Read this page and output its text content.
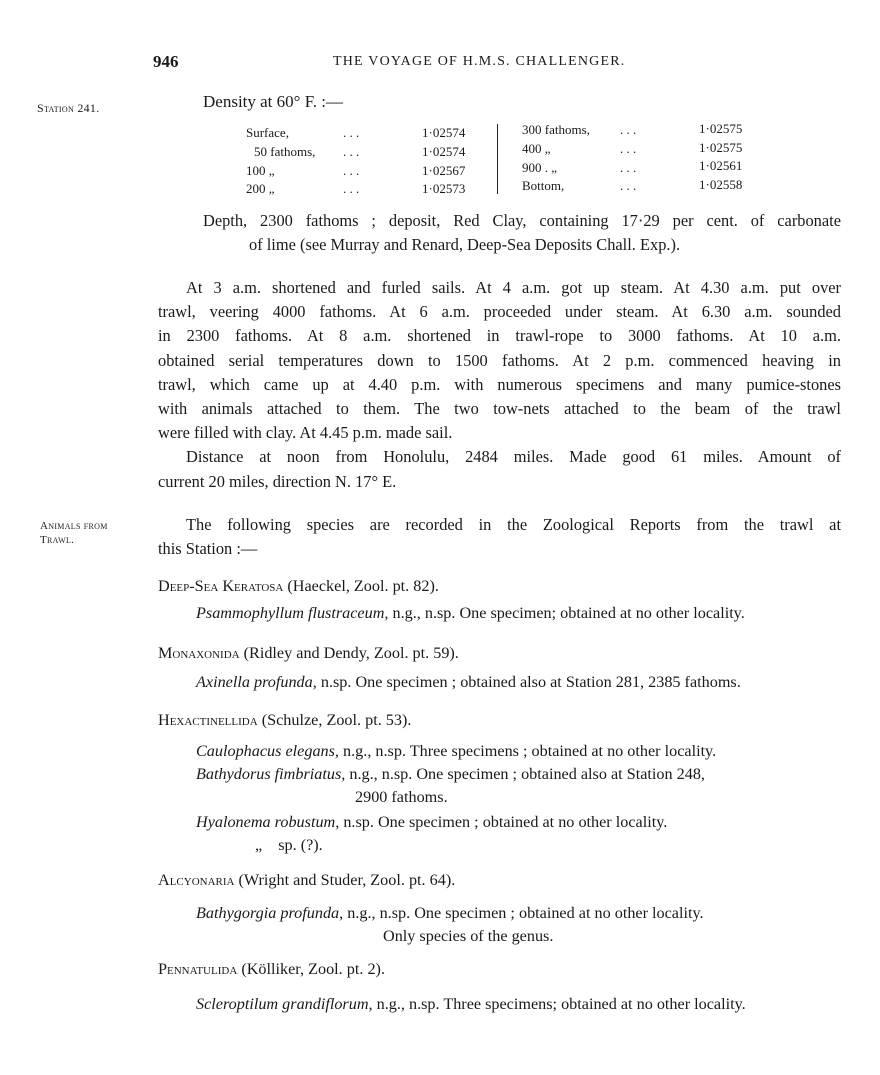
946	THE VOYAGE OF H.M.S. CHALLENGER.
Station 241.
Animals from
Trawl.
Density at 60° F. :—
Surface,	. . .	1·02574
50 fathoms, . . .	1·02574
100 „	. . .	1·02567
200 „	. . .	1·02573
300 fathoms, . . .	1·02575
400 „	. . .	1·02575
900 . „	. . .	1·02561
Bottom,	. . .	1·02558
Depth, 2300 fathoms ; deposit, Red Clay, containing 17·29 per cent. of carbonate
of lime (see Murray and Renard, Deep-Sea Deposits Chall. Exp.).
At 3 a.m. shortened and furled sails. At 4 a.m. got up steam. At 4.30 a.m. put over
trawl, veering 4000 fathoms. At 6 a.m. proceeded under steam. At 6.30 a.m. sounded
in 2300 fathoms. At 8 a.m. shortened in trawl-rope to 3000 fathoms. At 10 a.m.
obtained serial temperatures down to 1500 fathoms. At 2 p.m. commenced heaving in
trawl, which came up at 4.40 p.m. with numerous specimens and many pumice-stones
with animals attached to them. The two tow-nets attached to the beam of the trawl
were filled with clay. At 4.45 p.m. made sail.
Distance at noon from Honolulu, 2484 miles. Made good 61 miles. Amount of
current 20 miles, direction N. 17° E.
The following species are recorded in the Zoological Reports from the trawl at
this Station :—
Deep-Sea Keratosa (Haeckel, Zool. pt. 82).
Psammophyllum flustraceum, n.g., n.sp. One specimen; obtained at no other locality.
Monaxonida (Ridley and Dendy, Zool. pt. 59).
Axinella profunda, n.sp. One specimen ; obtained also at Station 281, 2385 fathoms.
Hexactinellida (Schulze, Zool. pt. 53).
Caulophacus elegans, n.g., n.sp. Three specimens ; obtained at no other locality.
Bathydorus fimbriatus, n.g., n.sp. One specimen ; obtained also at Station 248,
2900 fathoms.
Hyalonema robustum, n.sp. One specimen ; obtained at no other locality.
„ sp. (?).
Alcyonaria (Wright and Studer, Zool. pt. 64).
Bathygorgia profunda, n.g., n.sp. One specimen ; obtained at no other locality.
Only species of the genus.
Pennatulida (Kölliker, Zool. pt. 2).
Scleroptilum grandiflorum, n.g., n.sp. Three specimens; obtained at no other locality.
